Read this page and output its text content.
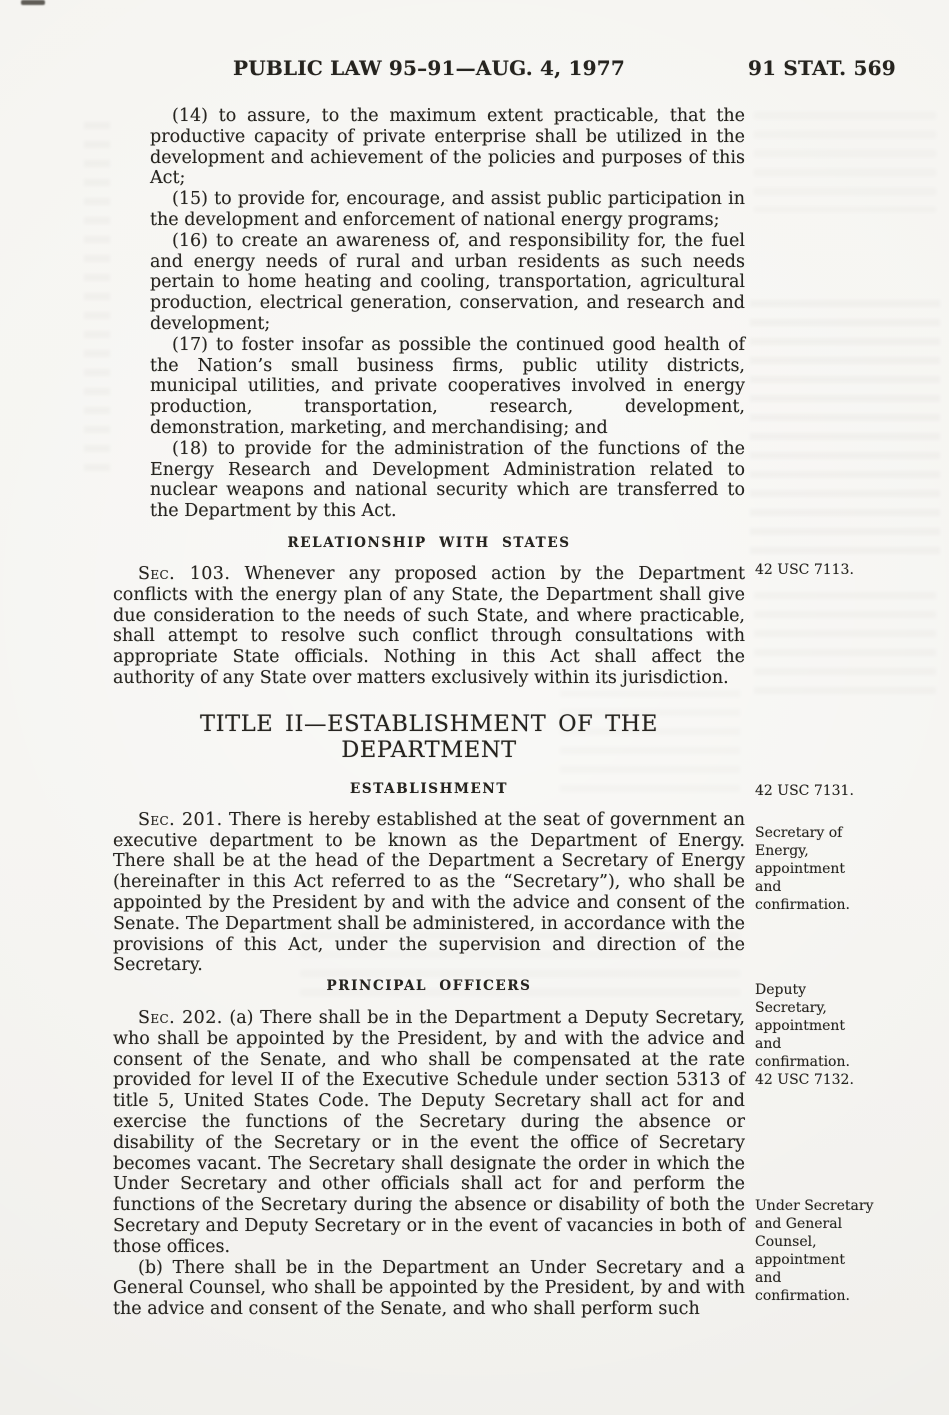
PUBLIC LAW 95–91—AUG. 4, 1977	91 STAT. 569

(14) to assure, to the maximum extent practicable, that the productive capacity of private enterprise shall be utilized in the development and achievement of the policies and purposes of this Act;

(15) to provide for, encourage, and assist public participation in the development and enforcement of national energy programs;

(16) to create an awareness of, and responsibility for, the fuel and energy needs of rural and urban residents as such needs pertain to home heating and cooling, transportation, agricultural production, electrical generation, conservation, and research and development;

(17) to foster insofar as possible the continued good health of the Nation’s small business firms, public utility districts, municipal utilities, and private cooperatives involved in energy production, transportation, research, development, demonstration, marketing, and merchandising; and

(18) to provide for the administration of the functions of the Energy Research and Development Administration related to nuclear weapons and national security which are transferred to the Department by this Act.

RELATIONSHIP WITH STATES

Sec. 103. Whenever any proposed action by the Department conflicts with the energy plan of any State, the Department shall give due consideration to the needs of such State, and where practicable, shall attempt to resolve such conflict through consultations with appropriate State officials. Nothing in this Act shall affect the authority of any State over matters exclusively within its jurisdiction.

TITLE II—ESTABLISHMENT OF THE DEPARTMENT
ESTABLISHMENT

Sec. 201. There is hereby established at the seat of government an executive department to be known as the Department of Energy. There shall be at the head of the Department a Secretary of Energy (hereinafter in this Act referred to as the “Secretary”), who shall be appointed by the President by and with the advice and consent of the Senate. The Department shall be administered, in accordance with the provisions of this Act, under the supervision and direction of the Secretary.

PRINCIPAL OFFICERS

Sec. 202. (a) There shall be in the Department a Deputy Secretary, who shall be appointed by the President, by and with the advice and consent of the Senate, and who shall be compensated at the rate provided for level II of the Executive Schedule under section 5313 of title 5, United States Code. The Deputy Secretary shall act for and exercise the functions of the Secretary during the absence or disability of the Secretary or in the event the office of Secretary becomes vacant. The Secretary shall designate the order in which the Under Secretary and other officials shall act for and perform the functions of the Secretary during the absence or disability of both the Secretary and Deputy Secretary or in the event of vacancies in both of those offices.

(b) There shall be in the Department an Under Secretary and a General Counsel, who shall be appointed by the President, by and with the advice and consent of the Senate, and who shall perform such

42 USC 7113.
42 USC 7131.
Secretary of Energy, appointment and confirmation.
Deputy Secretary, appointment and confirmation.
42 USC 7132.
Under Secretary and General Counsel, appointment and confirmation.
